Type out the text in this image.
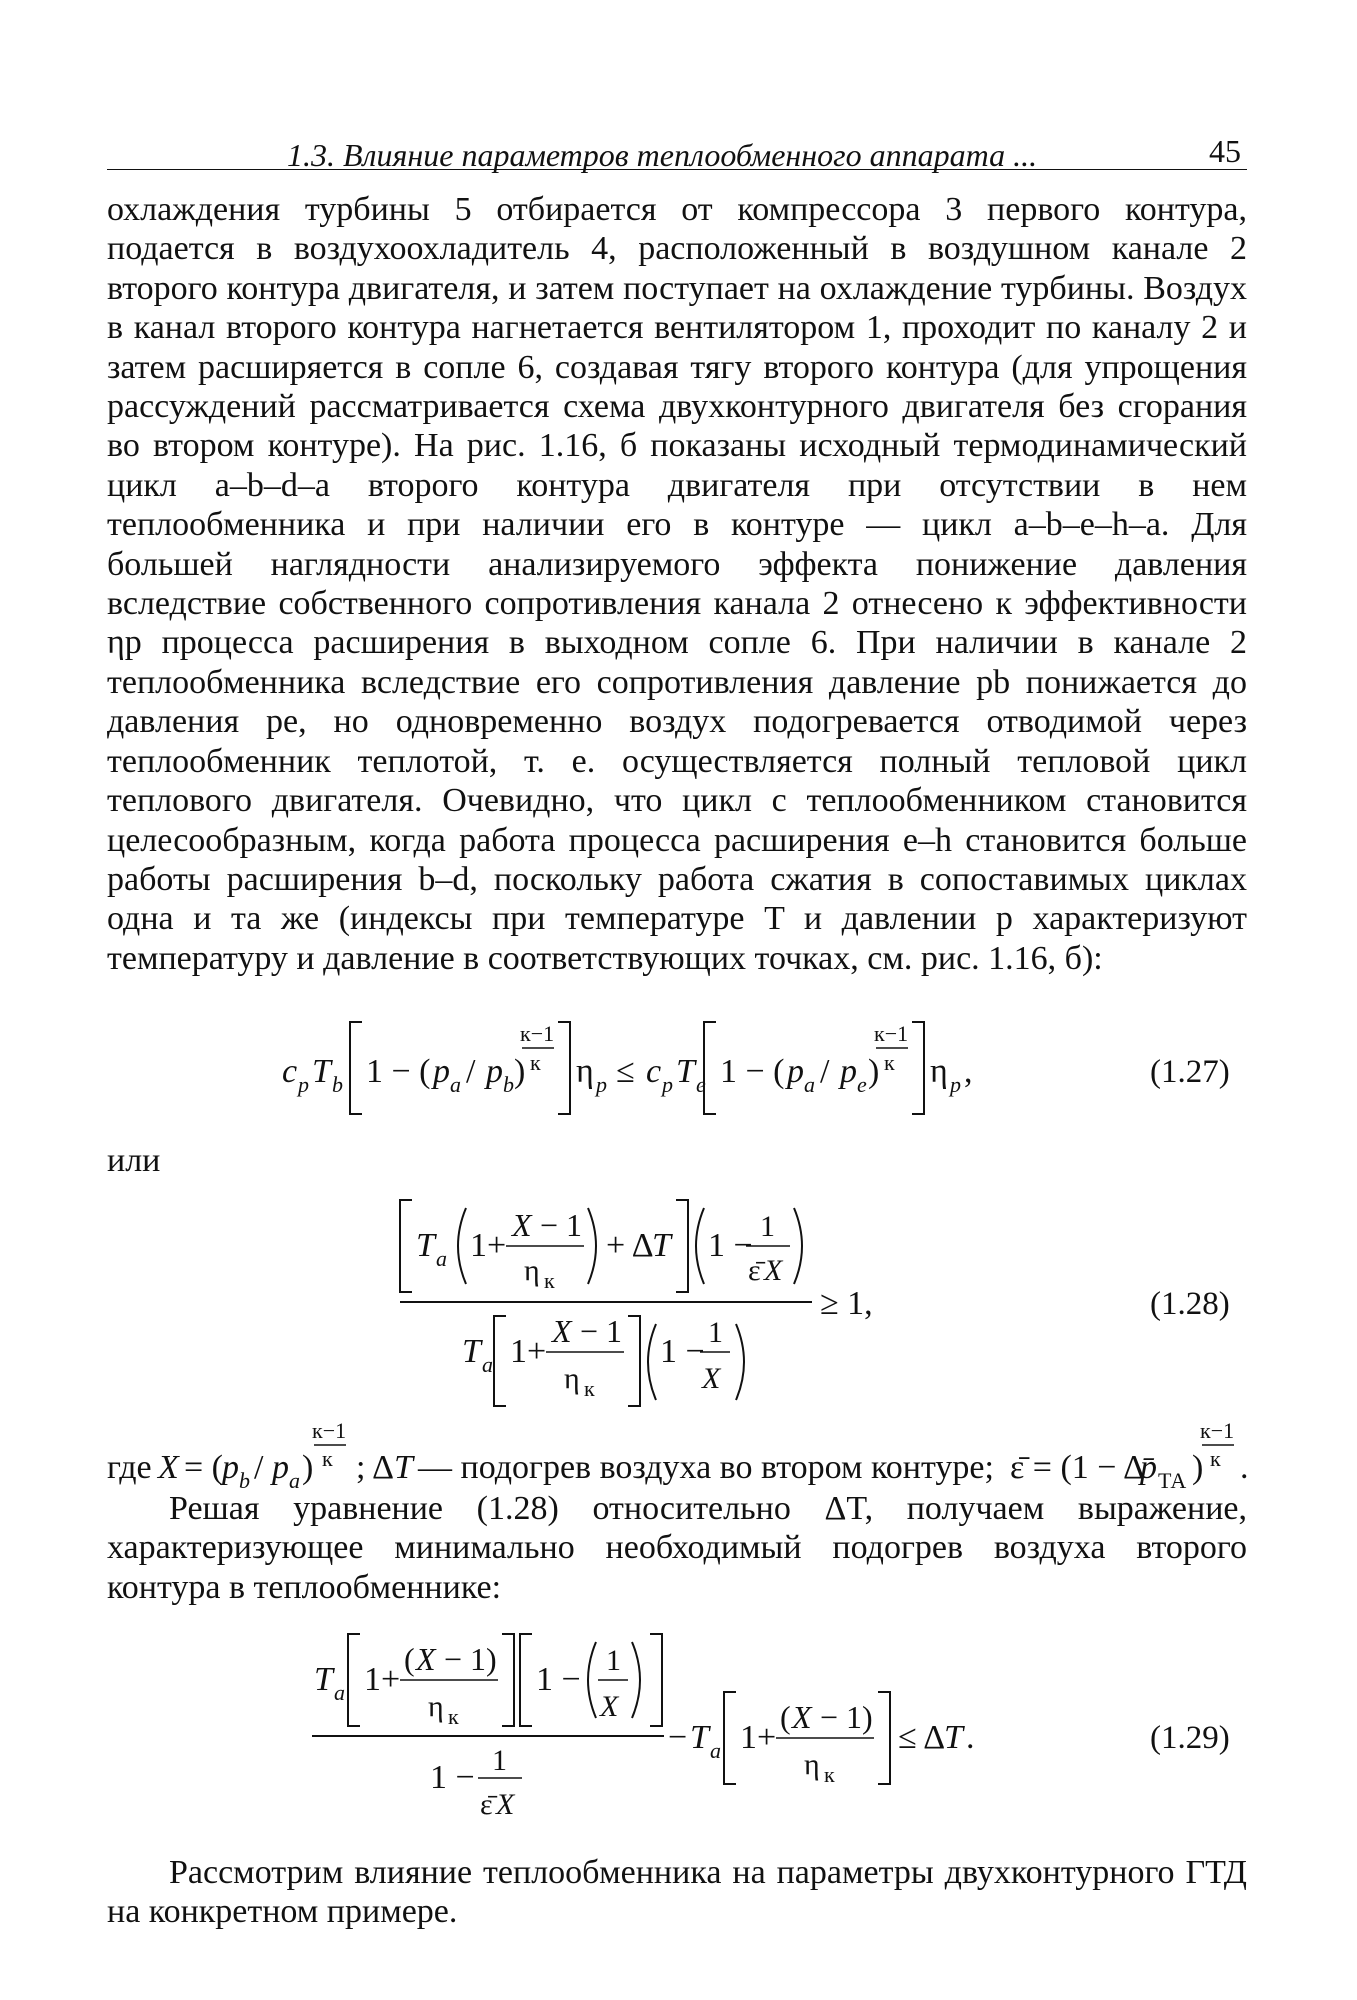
1.3. Влияние параметров теплообменного аппарата ...	45

охлаждения турбины 5 отбирается от компрессора 3 первого контура, подается в воздухоохладитель 4, расположенный в воздушном канале 2 второго контура двигателя, и затем поступает на охлаждение турбины. Воздух в канал второго контура нагнетается вентилятором 1, проходит по каналу 2 и затем расширяется в сопле 6, создавая тягу второго контура (для упрощения рассуждений рассматривается схема двухконтурного двигателя без сгорания во втором контуре). На рис. 1.16, б показаны исходный термодинамический цикл a–b–d–a второго контура двигателя при отсутствии в нем теплообменника и при наличии его в контуре — цикл a–b–e–h–a. Для большей наглядности анализируемого эффекта понижение давления вследствие собственного сопротивления канала 2 отнесено к эффективности ηр процесса расширения в выходном сопле 6. При наличии в канале 2 теплообменника вследствие его сопротивления давление pb понижается до давления pe, но одновременно воздух подогревается отводимой через теплообменник теплотой, т. е. осуществляется полный тепловой цикл теплового двигателя. Очевидно, что цикл с теплообменником становится целесообразным, когда работа процесса расширения e–h становится больше работы расширения b–d, поскольку работа сжатия в сопоставимых циклах одна и та же (индексы при температуре T и давлении p характеризуют температуру и давление в соответствующих точках, см. рис. 1.16, б):

c p T b 1 − ( p a / p b )
к−1
к η p ≤ c p T e 1 − ( p a / p e )
к−1
к η p ,	(1.27)
или
T a 1+
X − 1
η к
+ Δ
T 1 −
1
ε̄ X
T a 1+
X − 1
η к
1 −
1
X
≥ 1,	(1.28)
где X = ( p b / p a )
к−1
к ; Δ T — подогрев воздуха во втором контуре; ε̄ = (1 − Δ
p̄ ТА )
к−1
к .

Решая уравнение (1.28) относительно ΔT, получаем выражение, характеризующее минимально необходимый подогрев воздуха второго контура в теплообменнике:

T a 1+
( X − 1)
η к
1 −
1
X
1 − 1
ε̄ X
− T a 1+
( X − 1)
η к
≤ Δ
T .	(1.29)

Рассмотрим влияние теплообменника на параметры двухконтурного ГТД на конкретном примере.
